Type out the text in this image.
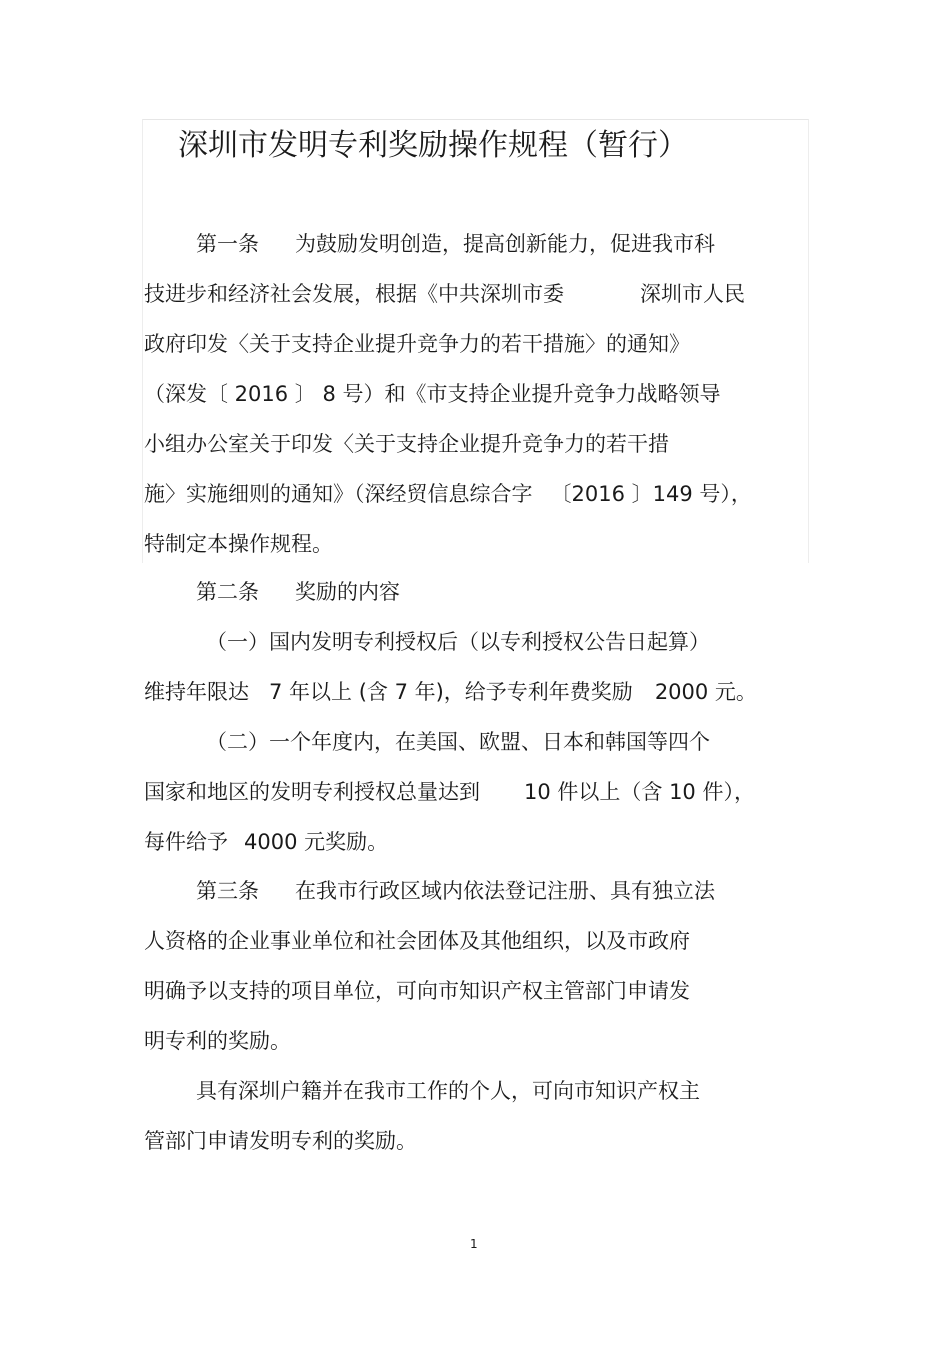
深圳市发明专利奖励操作规程（暂行）
第一条 为鼓励发明创造，提高创新能力，促进我市科
技进步和经济社会发展，根据《中共深圳市委	深圳市人民
政府印发〈关于支持企业提升竞争力的若干措施〉的通知》
（深发〔 2016 〕 8 号）和《市支持企业提升竞争力战略领导
小组办公室关于印发〈关于支持企业提升竞争力的若干措
施〉实施细则的通知》（深经贸信息综合字 〔2016 〕149 号），
特制定本操作规程。
第二条 奖励的内容
（一）国内发明专利授权后（以专利授权公告日起算）
维持年限达 7 年以上 (含 7 年)，给予专利年费奖励 2000 元。
（二）一个年度内，在美国、欧盟、日本和韩国等四个
国家和地区的发明专利授权总量达到 10 件以上（含 10 件），
每件给予 4000 元奖励。
第三条 在我市行政区域内依法登记注册、具有独立法
人资格的企业事业单位和社会团体及其他组织，以及市政府
明确予以支持的项目单位，可向市知识产权主管部门申请发
明专利的奖励。
具有深圳户籍并在我市工作的个人，可向市知识产权主
管部门申请发明专利的奖励。
1
